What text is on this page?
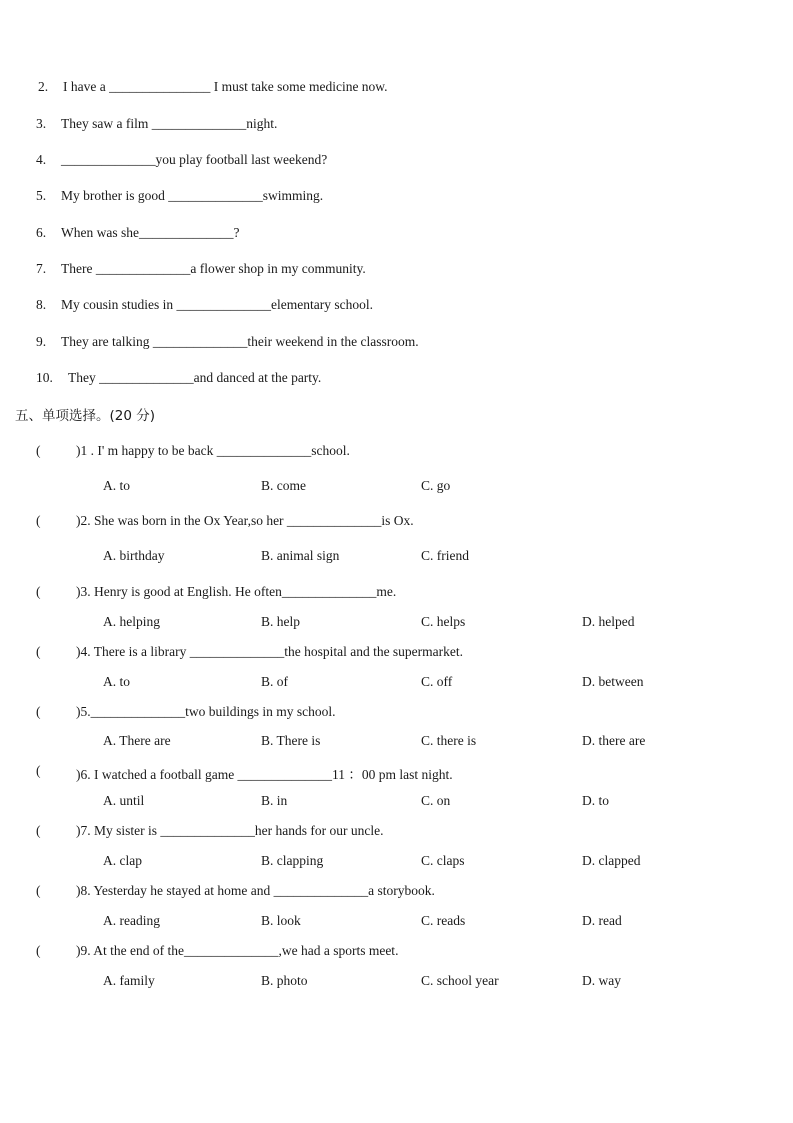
2. I have a _______________ I must take some medicine now.
3. They saw a film ______________night.
4. ______________you play football last weekend?
5. My brother is good ______________swimming.
6. When was she______________?
7. There ______________a flower shop in my community.
8. My cousin studies in ______________elementary school.
9. They are talking ______________their weekend in the classroom.
10. They ______________and danced at the party.
五、单项选择。(20 分)
(	)1 . I' m happy to be back ______________school.
A. to	B. come	C. go
(	)2. She was born in the Ox Year,so her ______________is Ox.
A. birthday	B. animal sign	C. friend
(	)3. Henry is good at English. He often______________me.
A. helping	B. help	C. helps	D. helped
(	)4. There is a library ______________the hospital and the supermarket.
A. to	B. of	C. off	D. between
(	)5.______________two buildings in my school.
A. There are	B. There is	C. there is	D. there are
(	)6. I watched a football game ______________11 ：00 pm last night.
A. until	B. in	C. on	D. to
(	)7. My sister is ______________her hands for our uncle.
A. clap	B. clapping	C. claps	D. clapped
(	)8. Yesterday he stayed at home and ______________a storybook.
A. reading	B. look	C. reads	D. read
(	)9. At the end of the______________,we had a sports meet.
A. family	B. photo	C. school year	D. way
